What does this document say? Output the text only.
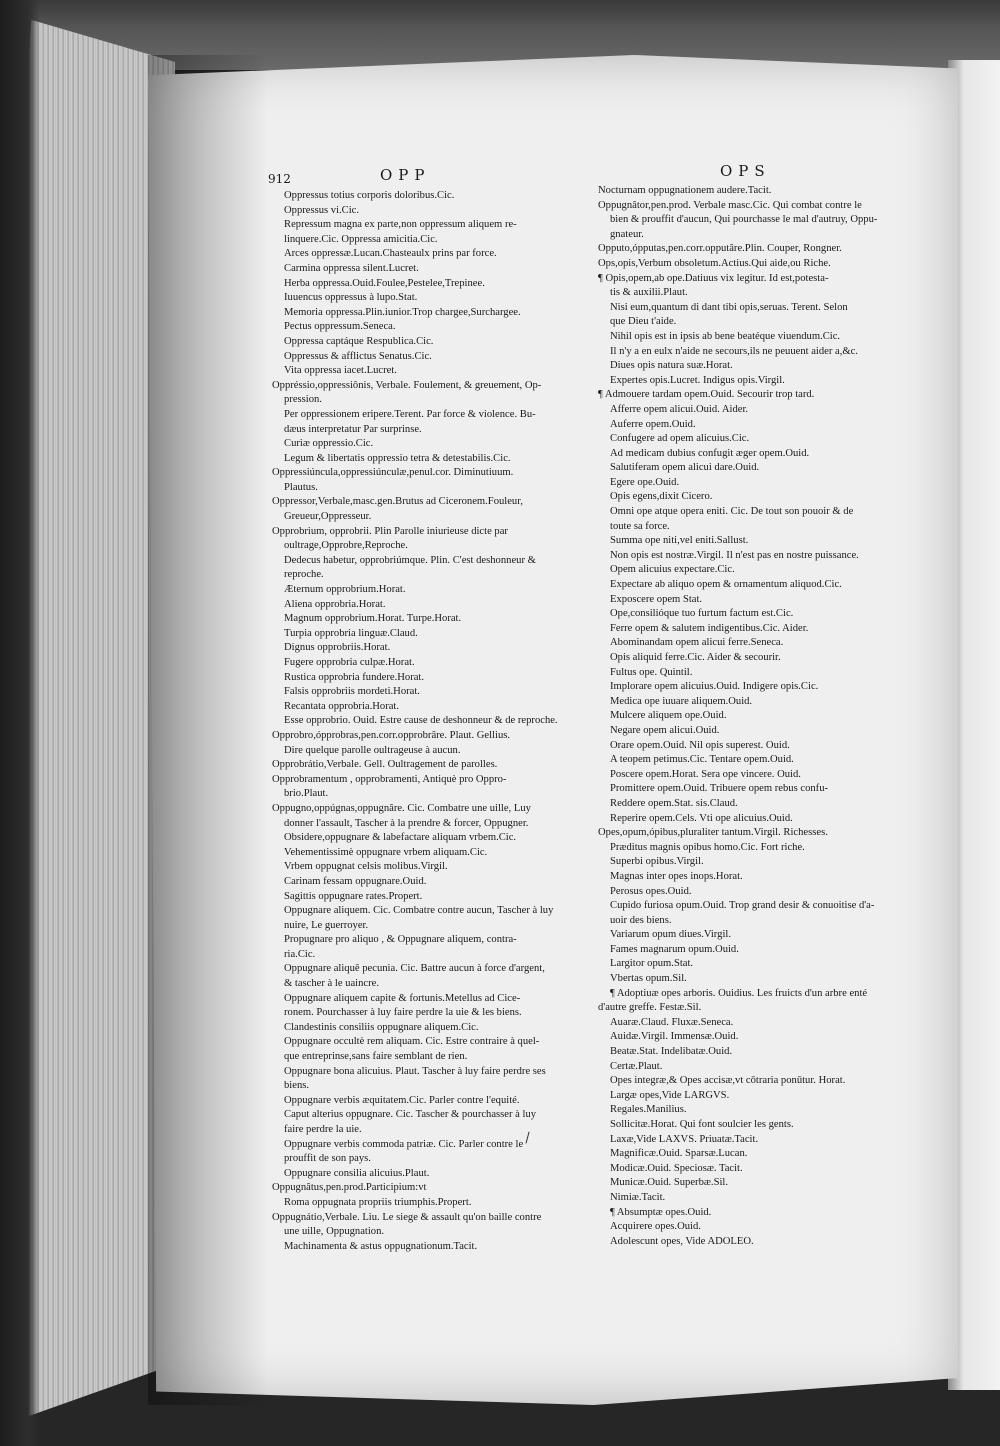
912	OPP	OPS
Oppressus totius corporis doloribus.Cic.
Oppressus vi.Cic.
Repressum magna ex parte,non oppressum aliquem re-
linquere.Cic. Oppressa amicitia.Cic.
Arces oppressæ.Lucan.Chasteaulx prins par force.
Carmina oppressa silent.Lucret.
Herba oppressa.Ouid.Foulee,Pestelee,Trepinee.
Iuuencus oppressus à lupo.Stat.
Memoria oppressa.Plin.iunior.Trop chargee,Surchargee.
Pectus oppressum.Seneca.
Oppressa captáque Respublica.Cic.
Oppressus & afflictus Senatus.Cic.
Vita oppressa iacet.Lucret.
Oppréssio,oppressiônis, Verbale. Foulement, & greuement, Op-
pression.
Per oppressionem eripere.Terent. Par force & violence. Bu-
dæus interpretatur Par surprinse.
Curiæ oppressio.Cic.
Legum & libertatis oppressio tetra & detestabilis.Cic.
Oppressiúncula,oppressiúnculæ,penul.cor. Diminutiuum.
Plautus.
Oppressor,Verbale,masc.gen.Brutus ad Ciceronem.Fouleur,
Greueur,Oppresseur.
Opprobrium, opprobrii. Plin Parolle iniurieuse dicte par
oultrage,Opprobre,Reproche.
Dedecus habetur, opprobriúmque. Plin. C'est deshonneur &
reproche.
Æternum opprobrium.Horat.
Aliena opprobria.Horat.
Magnum opprobrium.Horat. Turpe.Horat.
Turpia opprobria linguæ.Claud.
Dignus opprobriis.Horat.
Fugere opprobria culpæ.Horat.
Rustica opprobria fundere.Horat.
Falsis opprobriis mordeti.Horat.
Recantata opprobria.Horat.
Esse opprobrio. Ouid. Estre cause de deshonneur & de reproche.
Opprobro,ópprobras,pen.corr.opprobrâre. Plaut. Gellius.
Dire quelque parolle oultrageuse à aucun.
Opprobrátio,Verbale. Gell. Oultragement de parolles.
Opprobramentum , opprobramenti, Antiquè pro Oppro-
brio.Plaut.
Oppugno,oppúgnas,oppugnâre. Cic. Combatre une uille, Luy
donner l'assault, Tascher à la prendre & forcer, Oppugner.
Obsidere,oppugnare & labefactare aliquam vrbem.Cic.
Vehementissimè oppugnare vrbem aliquam.Cic.
Vrbem oppugnat celsis molibus.Virgil.
Carinam fessam oppugnare.Ouid.
Sagittis oppugnare rates.Propert.
Oppugnare aliquem. Cic. Combatre contre aucun, Tascher à luy
nuire, Le guerroyer.
Propugnare pro aliquo , & Oppugnare aliquem, contra-
ria.Cic.
Oppugnare aliquē pecunia. Cic. Battre aucun à force d'argent,
& tascher à le uaincre.
Oppugnare aliquem capite & fortunis.Metellus ad Cice-
ronem. Pourchasser à luy faire perdre la uie & les biens.
Clandestinis consiliis oppugnare aliquem.Cic.
Oppugnare occultè rem aliquam. Cic. Estre contraire à quel-
que entreprinse,sans faire semblant de rien.
Oppugnare bona alicuius. Plaut. Tascher à luy faire perdre ses
biens.
Oppugnare verbis æquitatem.Cic. Parler contre l'equité.
Caput alterius oppugnare. Cic. Tascher & pourchasser à luy
faire perdre la uie.
Oppugnare verbis commoda patriæ. Cic. Parler contre le
prouffit de son pays.
Oppugnare consilia alicuius.Plaut.
Oppugnâtus,pen.prod.Participium:vt
Roma oppugnata propriis triumphis.Propert.
Oppugnátio,Verbale. Liu. Le siege & assault qu'on baille contre
une uille, Oppugnation.
Machinamenta & astus oppugnationum.Tacit.
Nocturnam oppugnationem audere.Tacit.
Oppugnâtor,pen.prod. Verbale masc.Cic. Qui combat contre le
bien & prouffit d'aucun, Qui pourchasse le mal d'autruy, Oppu-
gnateur.
Opputo,ópputas,pen.corr.opputâre.Plin. Couper, Rongner.
Ops,opis,Verbum obsoletum.Actius.Qui aide,ou Riche.
¶ Opis,opem,ab ope.Datiuus vix legitur. Id est,potesta-
tis & auxilii.Plaut.
Nisi eum,quantum di dant tibi opis,seruas. Terent. Selon
que Dieu t'aide.
Nihil opis est in ipsis ab bene beatéque viuendum.Cic.
Il n'y a en eulx n'aide ne secours,ils ne peuuent aider a,&c.
Diues opis natura suæ.Horat.
Expertes opis.Lucret. Indigus opis.Virgil.
¶ Admouere tardam opem.Ouid. Secourir trop tard.
Afferre opem alicui.Ouid. Aider.
Auferre opem.Ouid.
Confugere ad opem alicuius.Cic.
Ad medicam dubius confugit æger opem.Ouid.
Salutiferam opem alicui dare.Ouid.
Egere ope.Ouid.
Opis egens,dixit Cicero.
Omni ope atque opera eniti. Cic. De tout son pouoir & de
toute sa force.
Summa ope niti,vel eniti.Sallust.
Non opis est nostræ.Virgil. Il n'est pas en nostre puissance.
Opem alicuius expectare.Cic.
Expectare ab aliquo opem & ornamentum aliquod.Cic.
Exposcere opem Stat.
Ope,consilióque tuo furtum factum est.Cic.
Ferre opem & salutem indigentibus.Cic. Aider.
Abominandam opem alicui ferre.Seneca.
Opis aliquid ferre.Cic. Aider & secourir.
Fultus ope. Quintil.
Implorare opem alicuius.Ouid. Indigere opis.Cic.
Medica ope iuuare aliquem.Ouid.
Mulcere aliquem ope.Ouid.
Negare opem alicui.Ouid.
Orare opem.Ouid. Nil opis superest. Ouid.
A teopem petimus.Cic. Tentare opem.Ouid.
Poscere opem.Horat. Sera ope vincere. Ouid.
Promittere opem.Ouid. Tribuere opem rebus confu-
Reddere opem.Stat. sis.Claud.
Reperire opem.Cels. Vti ope alicuius.Ouid.
Opes,opum,ópibus,pluraliter tantum.Virgil. Richesses.
Præditus magnis opibus homo.Cic. Fort riche.
Superbi opibus.Virgil.
Magnas inter opes inops.Horat.
Perosus opes.Ouid.
Cupido furiosa opum.Ouid. Trop grand desir & conuoitise d'a-
uoir des biens.
Variarum opum diues.Virgil.
Fames magnarum opum.Ouid.
Largitor opum.Stat.
Vbertas opum.Sil.
¶ Adoptiuæ opes arboris. Ouidius. Les fruicts d'un arbre enté
d'autre greffe. Festæ.Sil.
Auaræ.Claud. Fluxæ.Seneca.
Auidæ.Virgil. Immensæ.Ouid.
Beatæ.Stat. Indelibatæ.Ouid.
Certæ.Plaut.
Opes integræ,& Opes accisæ,vt cōtraria ponūtur. Horat.
Largæ opes,Vide LARGVS.
Regales.Manilius.
Sollicitæ.Horat. Qui font soulcier les gents.
Laxæ,Vide LAXVS. Priuatæ.Tacit.
Magnificæ.Ouid. Sparsæ.Lucan.
Modicæ.Ouid. Speciosæ. Tacit.
Municæ.Ouid. Superbæ.Sil.
Nimiæ.Tacit.
¶ Absumptæ opes.Ouid.
Acquirere opes.Ouid.
Adolescunt opes, Vide ADOLEO.
